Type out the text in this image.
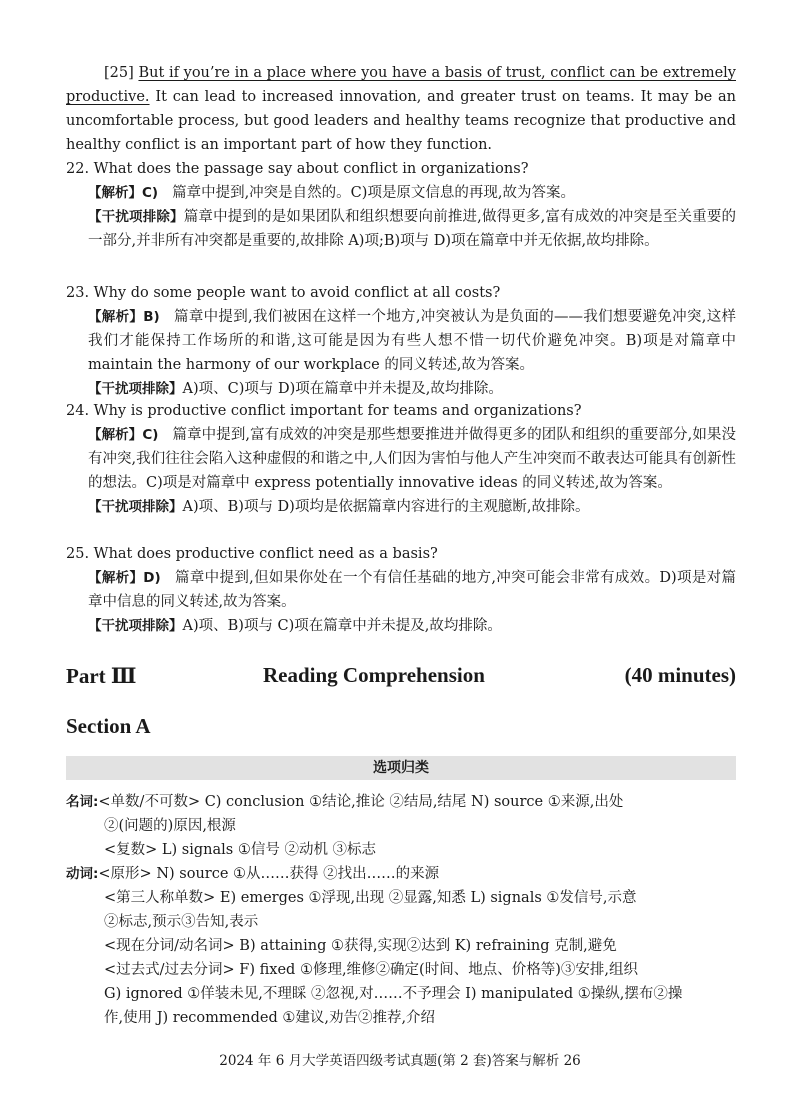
[25] But if you’re in a place where you have a basis of trust, conflict can be extremely productive. It can lead to increased innovation, and greater trust on teams. It may be an uncomfortable process, but good leaders and healthy teams recognize that productive and healthy conflict is an important part of how they function.
22. What does the passage say about conflict in organizations?
【解析】C) 篇章中提到,冲突是自然的。C)项是原文信息的再现,故为答案。
【干扰项排除】篇章中提到的是如果团队和组织想要向前推进,做得更多,富有成效的冲突是至关重要的一部分,并非所有冲突都是重要的,故排除 A)项;B)项与 D)项在篇章中并无依据,故均排除。
23. Why do some people want to avoid conflict at all costs?
【解析】B) 篇章中提到,我们被困在这样一个地方,冲突被认为是负面的——我们想要避免冲突,这样我们才能保持工作场所的和谐,这可能是因为有些人想不惜一切代价避免冲突。B)项是对篇章中 maintain the harmony of our workplace 的同义转述,故为答案。
【干扰项排除】A)项、C)项与 D)项在篇章中并未提及,故均排除。
24. Why is productive conflict important for teams and organizations?
【解析】C) 篇章中提到,富有成效的冲突是那些想要推进并做得更多的团队和组织的重要部分,如果没有冲突,我们往往会陷入这种虚假的和谐之中,人们因为害怕与他人产生冲突而不敢表达可能具有创新性的想法。C)项是对篇章中 express potentially innovative ideas 的同义转述,故为答案。
【干扰项排除】A)项、B)项与 D)项均是依据篇章内容进行的主观臆断,故排除。
25. What does productive conflict need as a basis?
【解析】D) 篇章中提到,但如果你处在一个有信任基础的地方,冲突可能会非常有成效。D)项是对篇章中信息的同义转述,故为答案。
【干扰项排除】A)项、B)项与 C)项在篇章中并未提及,故均排除。
Part Ⅲ	Reading Comprehension	(40 minutes)
Section A
选项归类
名词:<单数/不可数> C) conclusion ①结论,推论 ②结局,结尾 N) source ①来源,出处
②(问题的)原因,根源
<复数> L) signals ①信号 ②动机 ③标志
动词:<原形> N) source ①从……获得 ②找出……的来源
<第三人称单数> E) emerges ①浮现,出现 ②显露,知悉 L) signals ①发信号,示意
②标志,预示③告知,表示
<现在分词/动名词> B) attaining ①获得,实现②达到 K) refraining 克制,避免
<过去式/过去分词> F) fixed ①修理,维修②确定(时间、地点、价格等)③安排,组织
G) ignored ①佯装未见,不理睬 ②忽视,对……不予理会 I) manipulated ①操纵,摆布②操
作,使用 J) recommended ①建议,劝告②推荐,介绍
2024 年 6 月大学英语四级考试真题(第 2 套)答案与解析 26
